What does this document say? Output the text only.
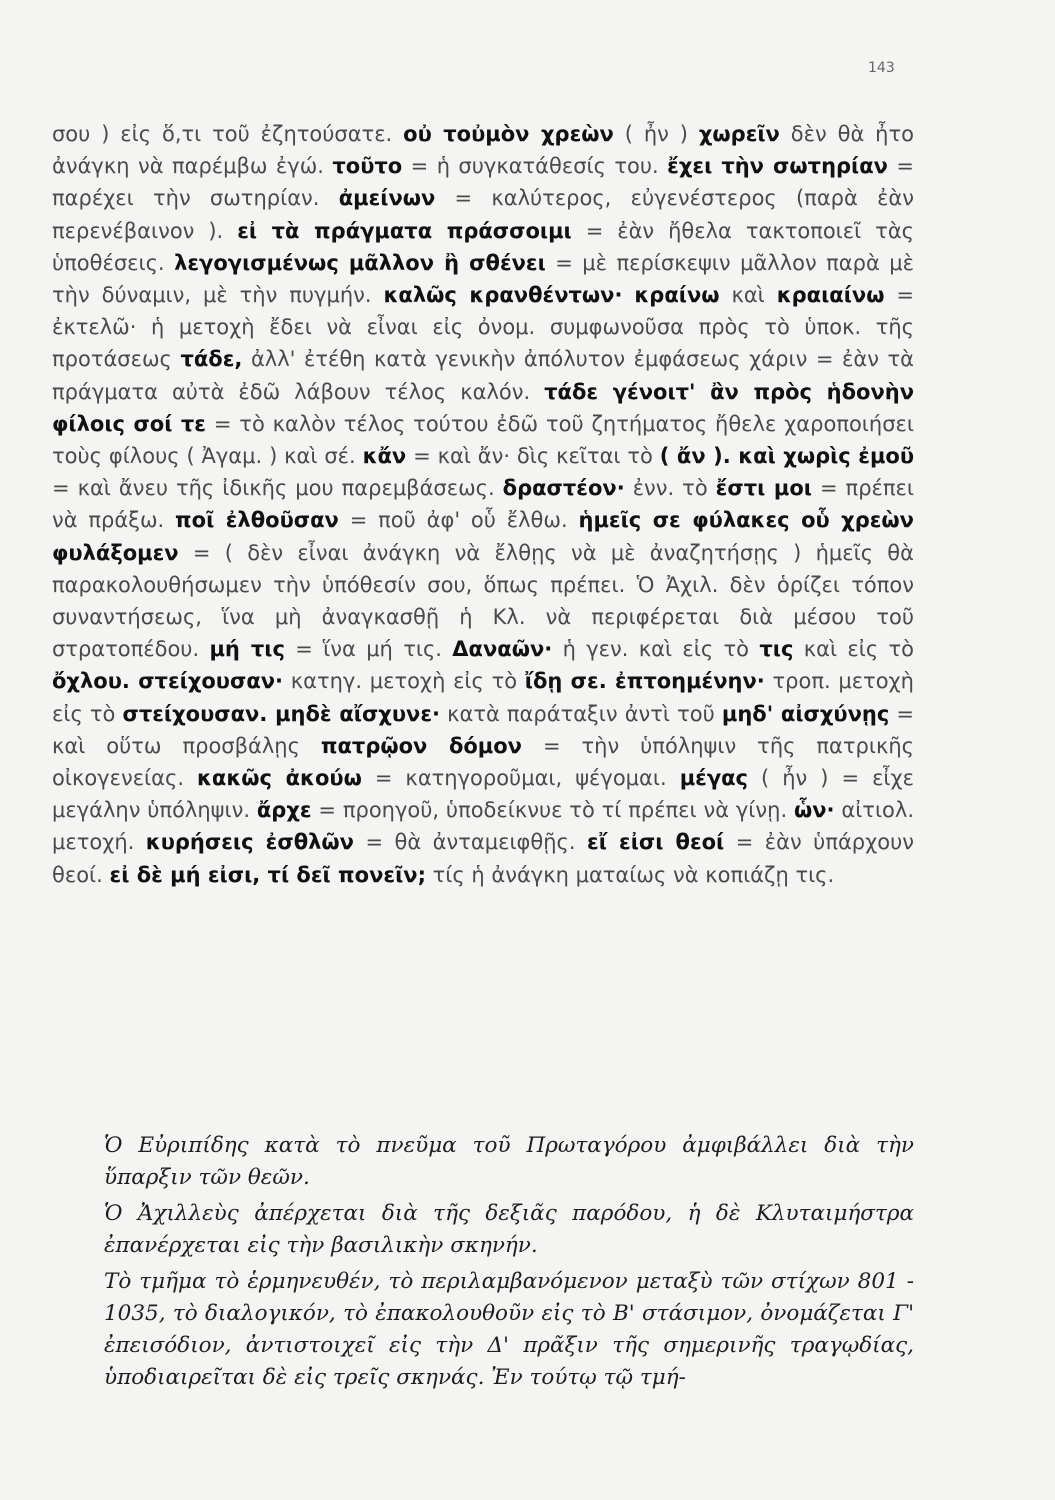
143
σου ) εἰς ὅ,τι τοῦ ἐζητούσατε. οὐ τοὐμὸν χρεὼν ( ἦν ) χωρεῖν δὲν θὰ ἦτο ἀνάγκη νὰ παρέμβω ἐγώ. τοῦτο = ἡ συγκατάθεσίς του. ἔχει τὴν σωτηρίαν = παρέχει τὴν σωτηρίαν. ἀμείνων = καλύτερος, εὐγενέστερος (παρὰ ἐὰν περενέβαινον ). εἰ τὰ πράγματα πράσσοιμι = ἐὰν ἤθελα τακτοποιεῖ τὰς ὑποθέσεις. λεγογισμένως μᾶλλον ἢ σθένει = μὲ περίσκεψιν μᾶλλον παρὰ μὲ τὴν δύναμιν, μὲ τὴν πυγμήν. καλῶς κρανθέντων· κραίνω καὶ κραιαίνω = ἐκτελῶ· ἡ μετοχὴ ἔδει νὰ εἶναι εἰς ὀνομ. συμφωνοῦσα πρὸς τὸ ὑποκ. τῆς προτάσεως τάδε, ἀλλ' ἐτέθη κατὰ γενικὴν ἀπόλυτον ἐμφάσεως χάριν = ἐὰν τὰ πράγματα αὐτὰ ἐδῶ λάβουν τέλος καλόν. τάδε γένοιτ' ἂν πρὸς ἡδονὴν φίλοις σοί τε = τὸ καλὸν τέλος τούτου ἐδῶ τοῦ ζητήματος ἤθελε χαροποιήσει τοὺς φίλους ( Ἀγαμ. ) καὶ σέ. κἄν = καὶ ἄν· δὶς κεῖται τὸ ( ἄν ). καὶ χωρὶς ἐμοῦ = καὶ ἄνευ τῆς ἰδικῆς μου παρεμβάσεως. δραστέον· ἐνν. τὸ ἔστι μοι = πρέπει νὰ πράξω. ποῖ ἐλθοῦσαν = ποῦ ἀφ' οὗ ἔλθω. ἡμεῖς σε φύλακες οὗ χρεὼν φυλάξομεν = ( δὲν εἶναι ἀνάγκη νὰ ἔλθῃς νὰ μὲ ἀναζητήσῃς ) ἡμεῖς θὰ παρακολουθήσωμεν τὴν ὑπόθεσίν σου, ὅπως πρέπει. Ὁ Ἀχιλ. δὲν ὁρίζει τόπον συναντήσεως, ἵνα μὴ ἀναγκασθῇ ἡ Κλ. νὰ περιφέρεται διὰ μέσου τοῦ στρατοπέδου. μή τις = ἵνα μή τις. Δαναῶν· ἡ γεν. καὶ εἰς τὸ τις καὶ εἰς τὸ ὄχλου. στείχουσαν· κατηγ. μετοχὴ εἰς τὸ ἴδῃ σε. ἐπτοημένην· τροπ. μετοχὴ εἰς τὸ στείχουσαν. μηδὲ αἴσχυνε· κατὰ παράταξιν ἀντὶ τοῦ μηδ' αἰσχύνῃς = καὶ οὕτω προσβάλῃς πατρῷον δόμον = τὴν ὑπόληψιν τῆς πατρικῆς οἰκογενείας. κακῶς ἀκούω = κατηγοροῦμαι, ψέγομαι. μέγας ( ἦν ) = εἶχε μεγάλην ὑπόληψιν. ἄρχε = προηγοῦ, ὑποδείκνυε τὸ τί πρέπει νὰ γίνῃ. ὧν· αἰτιολ. μετοχή. κυρήσεις ἐσθλῶν = θὰ ἀνταμειφθῇς. εἴ εἰσι θεοί = ἐὰν ὑπάρχουν θεοί. εἰ δὲ μή εἰσι, τί δεῖ πονεῖν; τίς ἡ ἀνάγκη ματαίως νὰ κοπιάζῃ τις.

Ὁ Εὐριπίδης κατὰ τὸ πνεῦμα τοῦ Πρωταγόρου ἀμφιβάλλει διὰ τὴν ὕπαρξιν τῶν θεῶν.

Ὁ Ἀχιλλεὺς ἀπέρχεται διὰ τῆς δεξιᾶς παρόδου, ἡ δὲ Κλυταιμήστρα ἐπανέρχεται εἰς τὴν βασιλικὴν σκηνήν.

Τὸ τμῆμα τὸ ἑρμηνευθέν, τὸ περιλαμβανόμενον μεταξὺ τῶν στίχων 801 - 1035, τὸ διαλογικόν, τὸ ἐπακολουθοῦν εἰς τὸ Β' στάσιμον, ὀνομάζεται Γ' ἐπεισόδιον, ἀντιστοιχεῖ εἰς τὴν Δ' πρᾶξιν τῆς σημερινῆς τραγῳδίας, ὑποδιαιρεῖται δὲ εἰς τρεῖς σκηνάς. Ἐν τούτῳ τῷ τμή-
